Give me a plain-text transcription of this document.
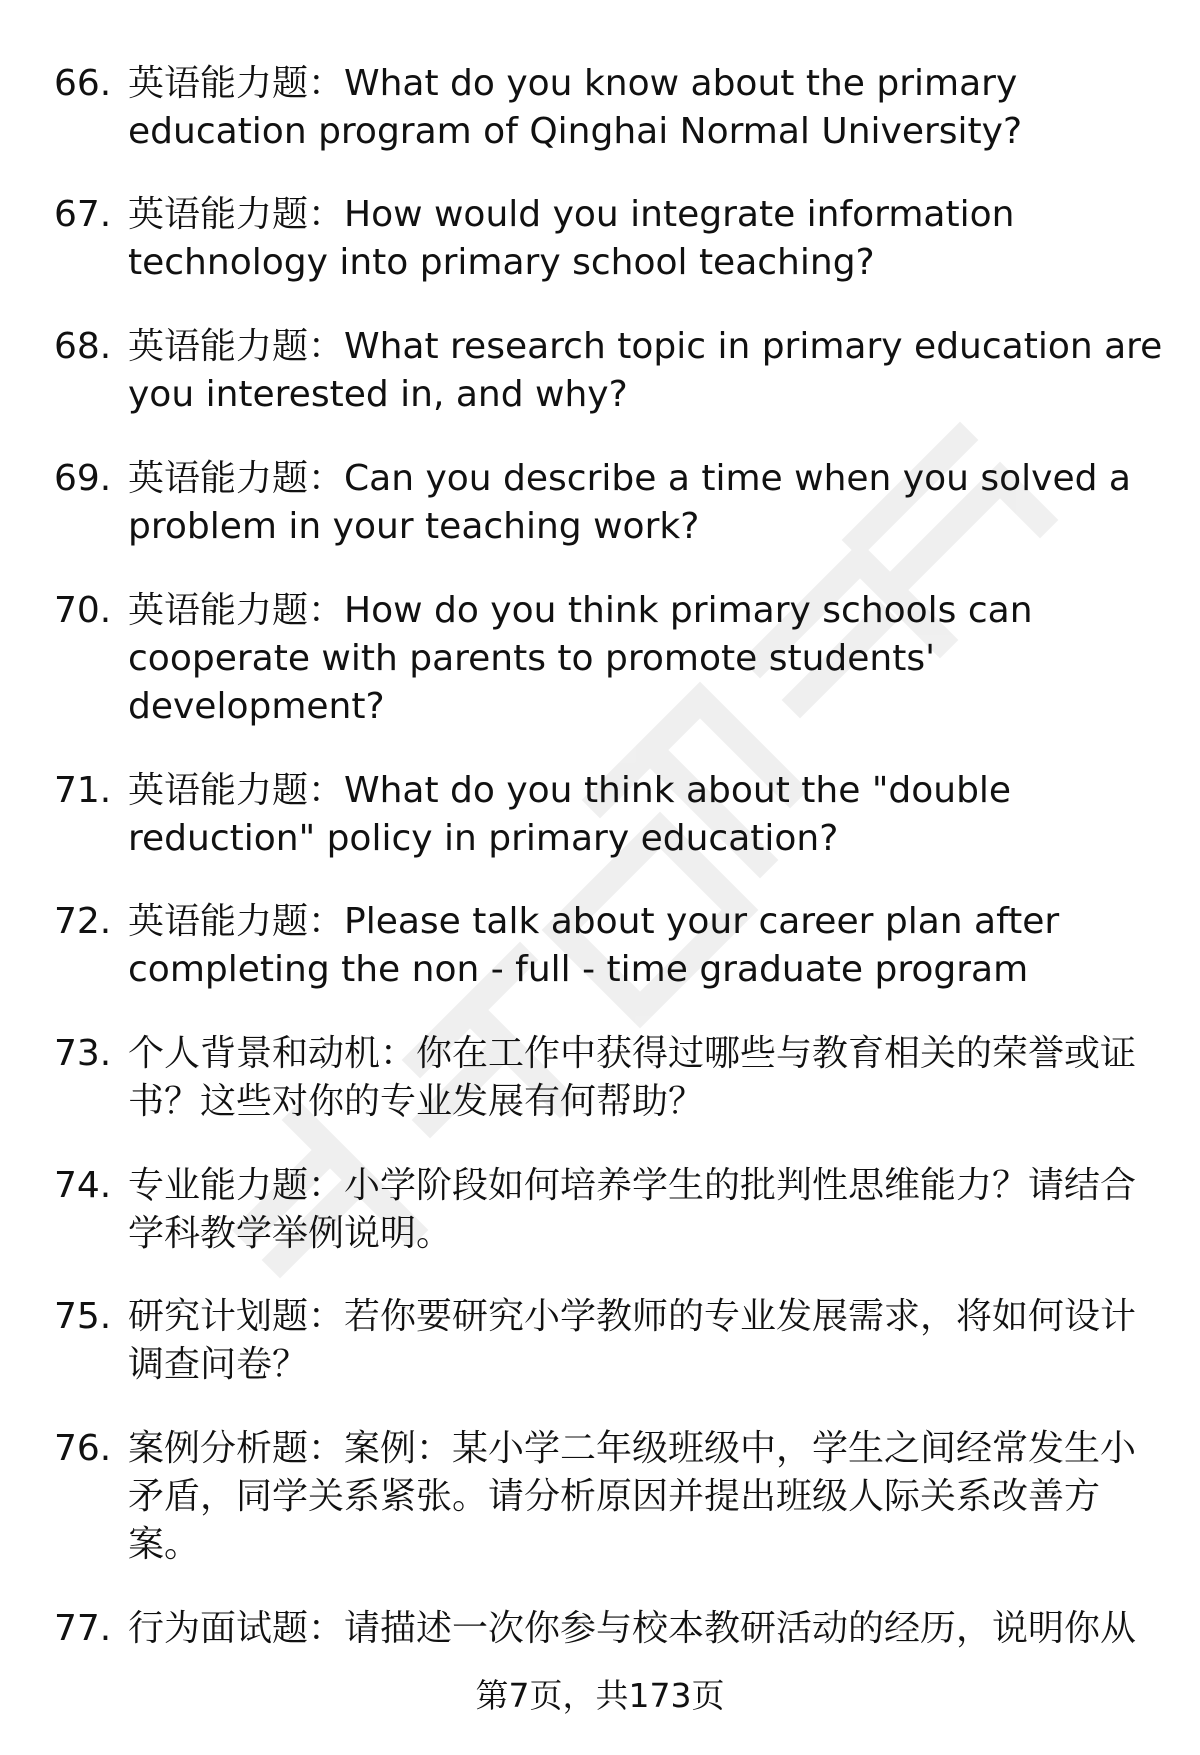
66. 英语能力题：What do you know about the primary
education program of Qinghai Normal University?
67. 英语能力题：How would you integrate information
technology into primary school teaching?
68. 英语能力题：What research topic in primary education are
you interested in, and why?
69. 英语能力题：Can you describe a time when you solved a
problem in your teaching work?
70. 英语能力题：How do you think primary schools can
cooperate with parents to promote students'
development?
71. 英语能力题：What do you think about the "double
reduction" policy in primary education?
72. 英语能力题：Please talk about your career plan after
completing the non - full - time graduate program
73. 个人背景和动机：你在工作中获得过哪些与教育相关的荣誉或证
书？这些对你的专业发展有何帮助？
74. 专业能力题：小学阶段如何培养学生的批判性思维能力？请结合
学科教学举例说明。
75. 研究计划题：若你要研究小学教师的专业发展需求，将如何设计
调查问卷？
76. 案例分析题：案例：某小学二年级班级中，学生之间经常发生小
矛盾，同学关系紧张。请分析原因并提出班级人际关系改善方
案。
77. 行为面试题：请描述一次你参与校本教研活动的经历，说明你从
第7页，共173页
